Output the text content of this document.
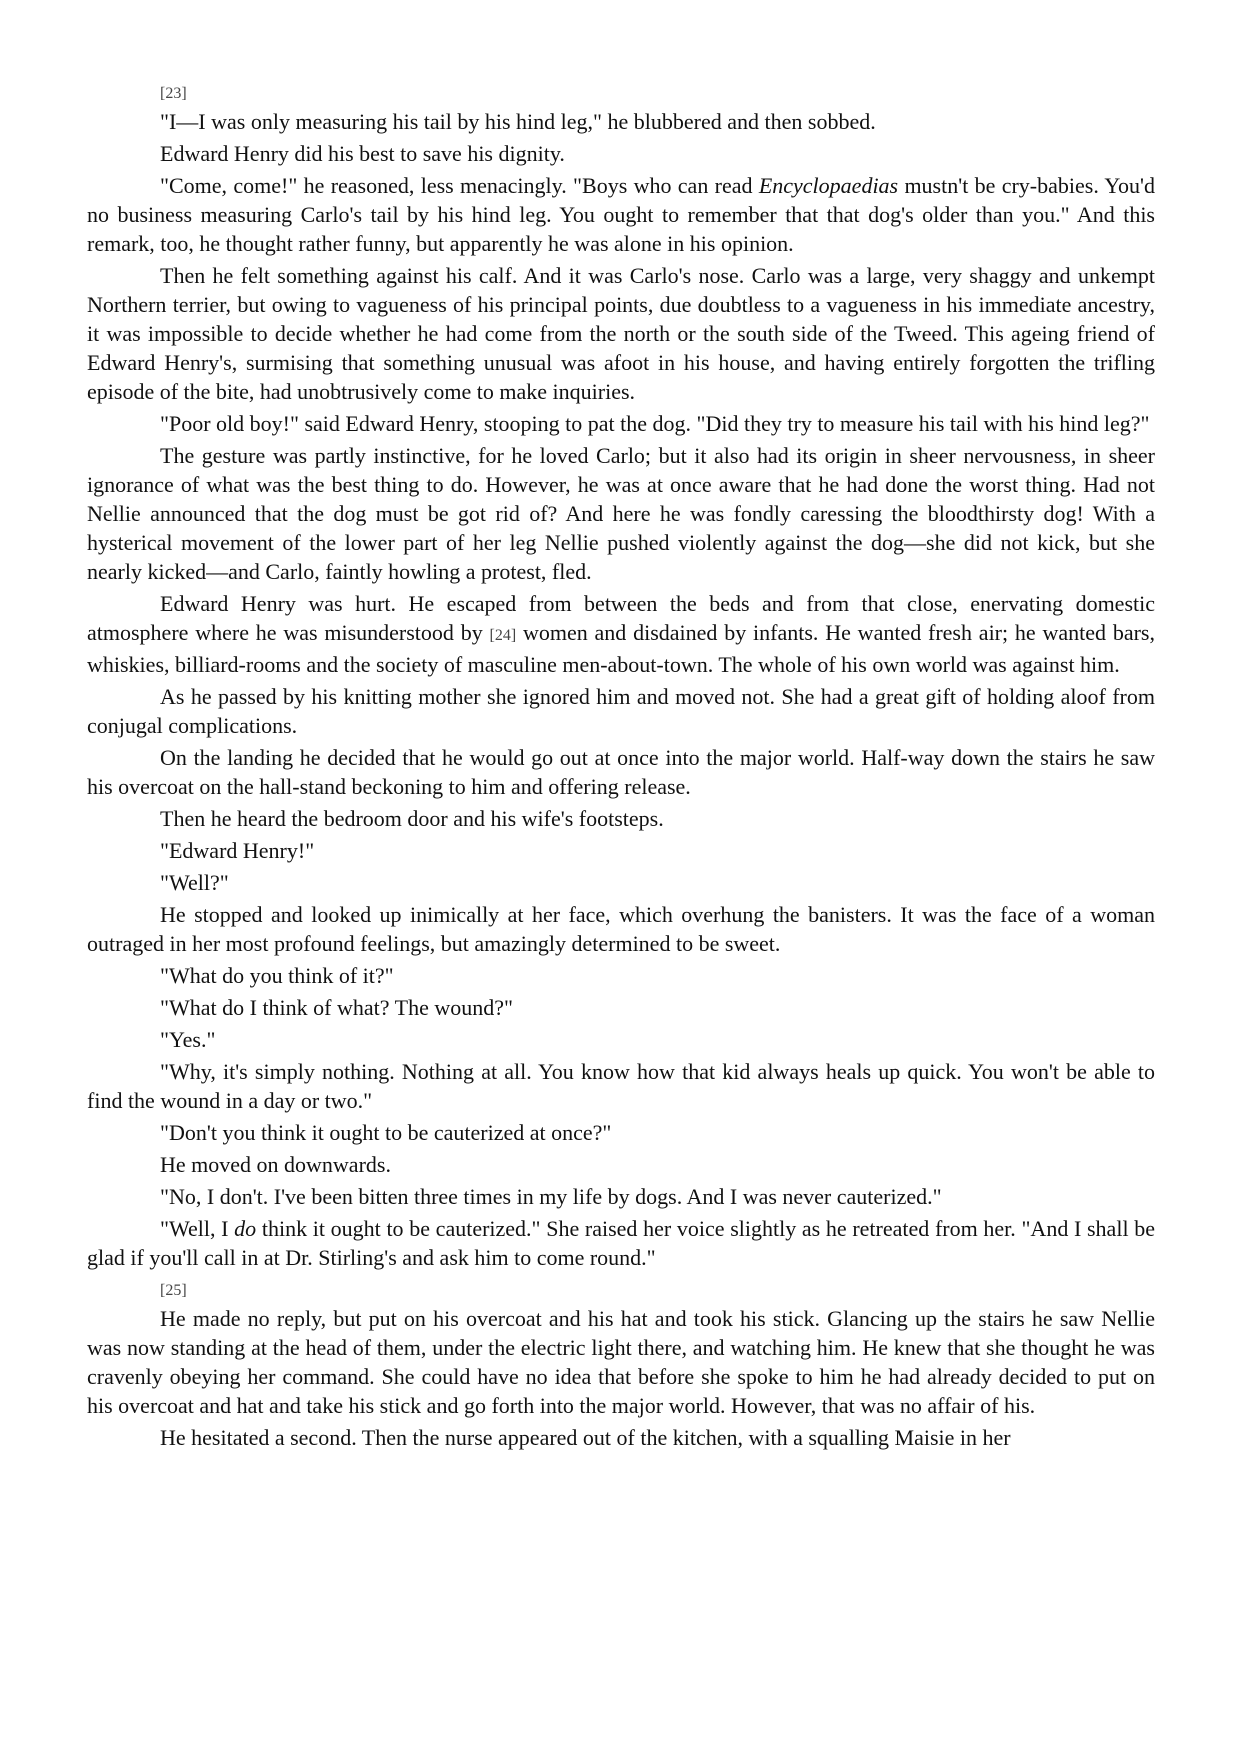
[23]

"I—I was only measuring his tail by his hind leg," he blubbered and then sobbed.

Edward Henry did his best to save his dignity.

"Come, come!" he reasoned, less menacingly. "Boys who can read Encyclopaedias mustn't be cry-babies. You'd no business measuring Carlo's tail by his hind leg. You ought to remember that that dog's older than you." And this remark, too, he thought rather funny, but apparently he was alone in his opinion.

Then he felt something against his calf. And it was Carlo's nose. Carlo was a large, very shaggy and unkempt Northern terrier, but owing to vagueness of his principal points, due doubtless to a vagueness in his immediate ancestry, it was impossible to decide whether he had come from the north or the south side of the Tweed. This ageing friend of Edward Henry's, surmising that something unusual was afoot in his house, and having entirely forgotten the trifling episode of the bite, had unobtrusively come to make inquiries.

"Poor old boy!" said Edward Henry, stooping to pat the dog. "Did they try to measure his tail with his hind leg?"

The gesture was partly instinctive, for he loved Carlo; but it also had its origin in sheer nervousness, in sheer ignorance of what was the best thing to do. However, he was at once aware that he had done the worst thing. Had not Nellie announced that the dog must be got rid of? And here he was fondly caressing the bloodthirsty dog! With a hysterical movement of the lower part of her leg Nellie pushed violently against the dog—she did not kick, but she nearly kicked—and Carlo, faintly howling a protest, fled.

Edward Henry was hurt. He escaped from between the beds and from that close, enervating domestic atmosphere where he was misunderstood by [24] women and disdained by infants. He wanted fresh air; he wanted bars, whiskies, billiard-rooms and the society of masculine men-about-town. The whole of his own world was against him.

As he passed by his knitting mother she ignored him and moved not. She had a great gift of holding aloof from conjugal complications.

On the landing he decided that he would go out at once into the major world. Half-way down the stairs he saw his overcoat on the hall-stand beckoning to him and offering release.

Then he heard the bedroom door and his wife's footsteps.

"Edward Henry!"

"Well?"

He stopped and looked up inimically at her face, which overhung the banisters. It was the face of a woman outraged in her most profound feelings, but amazingly determined to be sweet.

"What do you think of it?"

"What do I think of what? The wound?"

"Yes."

"Why, it's simply nothing. Nothing at all. You know how that kid always heals up quick. You won't be able to find the wound in a day or two."

"Don't you think it ought to be cauterized at once?"

He moved on downwards.

"No, I don't. I've been bitten three times in my life by dogs. And I was never cauterized."

"Well, I do think it ought to be cauterized." She raised her voice slightly as he retreated from her. "And I shall be glad if you'll call in at Dr. Stirling's and ask him to come round."

[25]

He made no reply, but put on his overcoat and his hat and took his stick. Glancing up the stairs he saw Nellie was now standing at the head of them, under the electric light there, and watching him. He knew that she thought he was cravenly obeying her command. She could have no idea that before she spoke to him he had already decided to put on his overcoat and hat and take his stick and go forth into the major world. However, that was no affair of his.

He hesitated a second. Then the nurse appeared out of the kitchen, with a squalling Maisie in her
